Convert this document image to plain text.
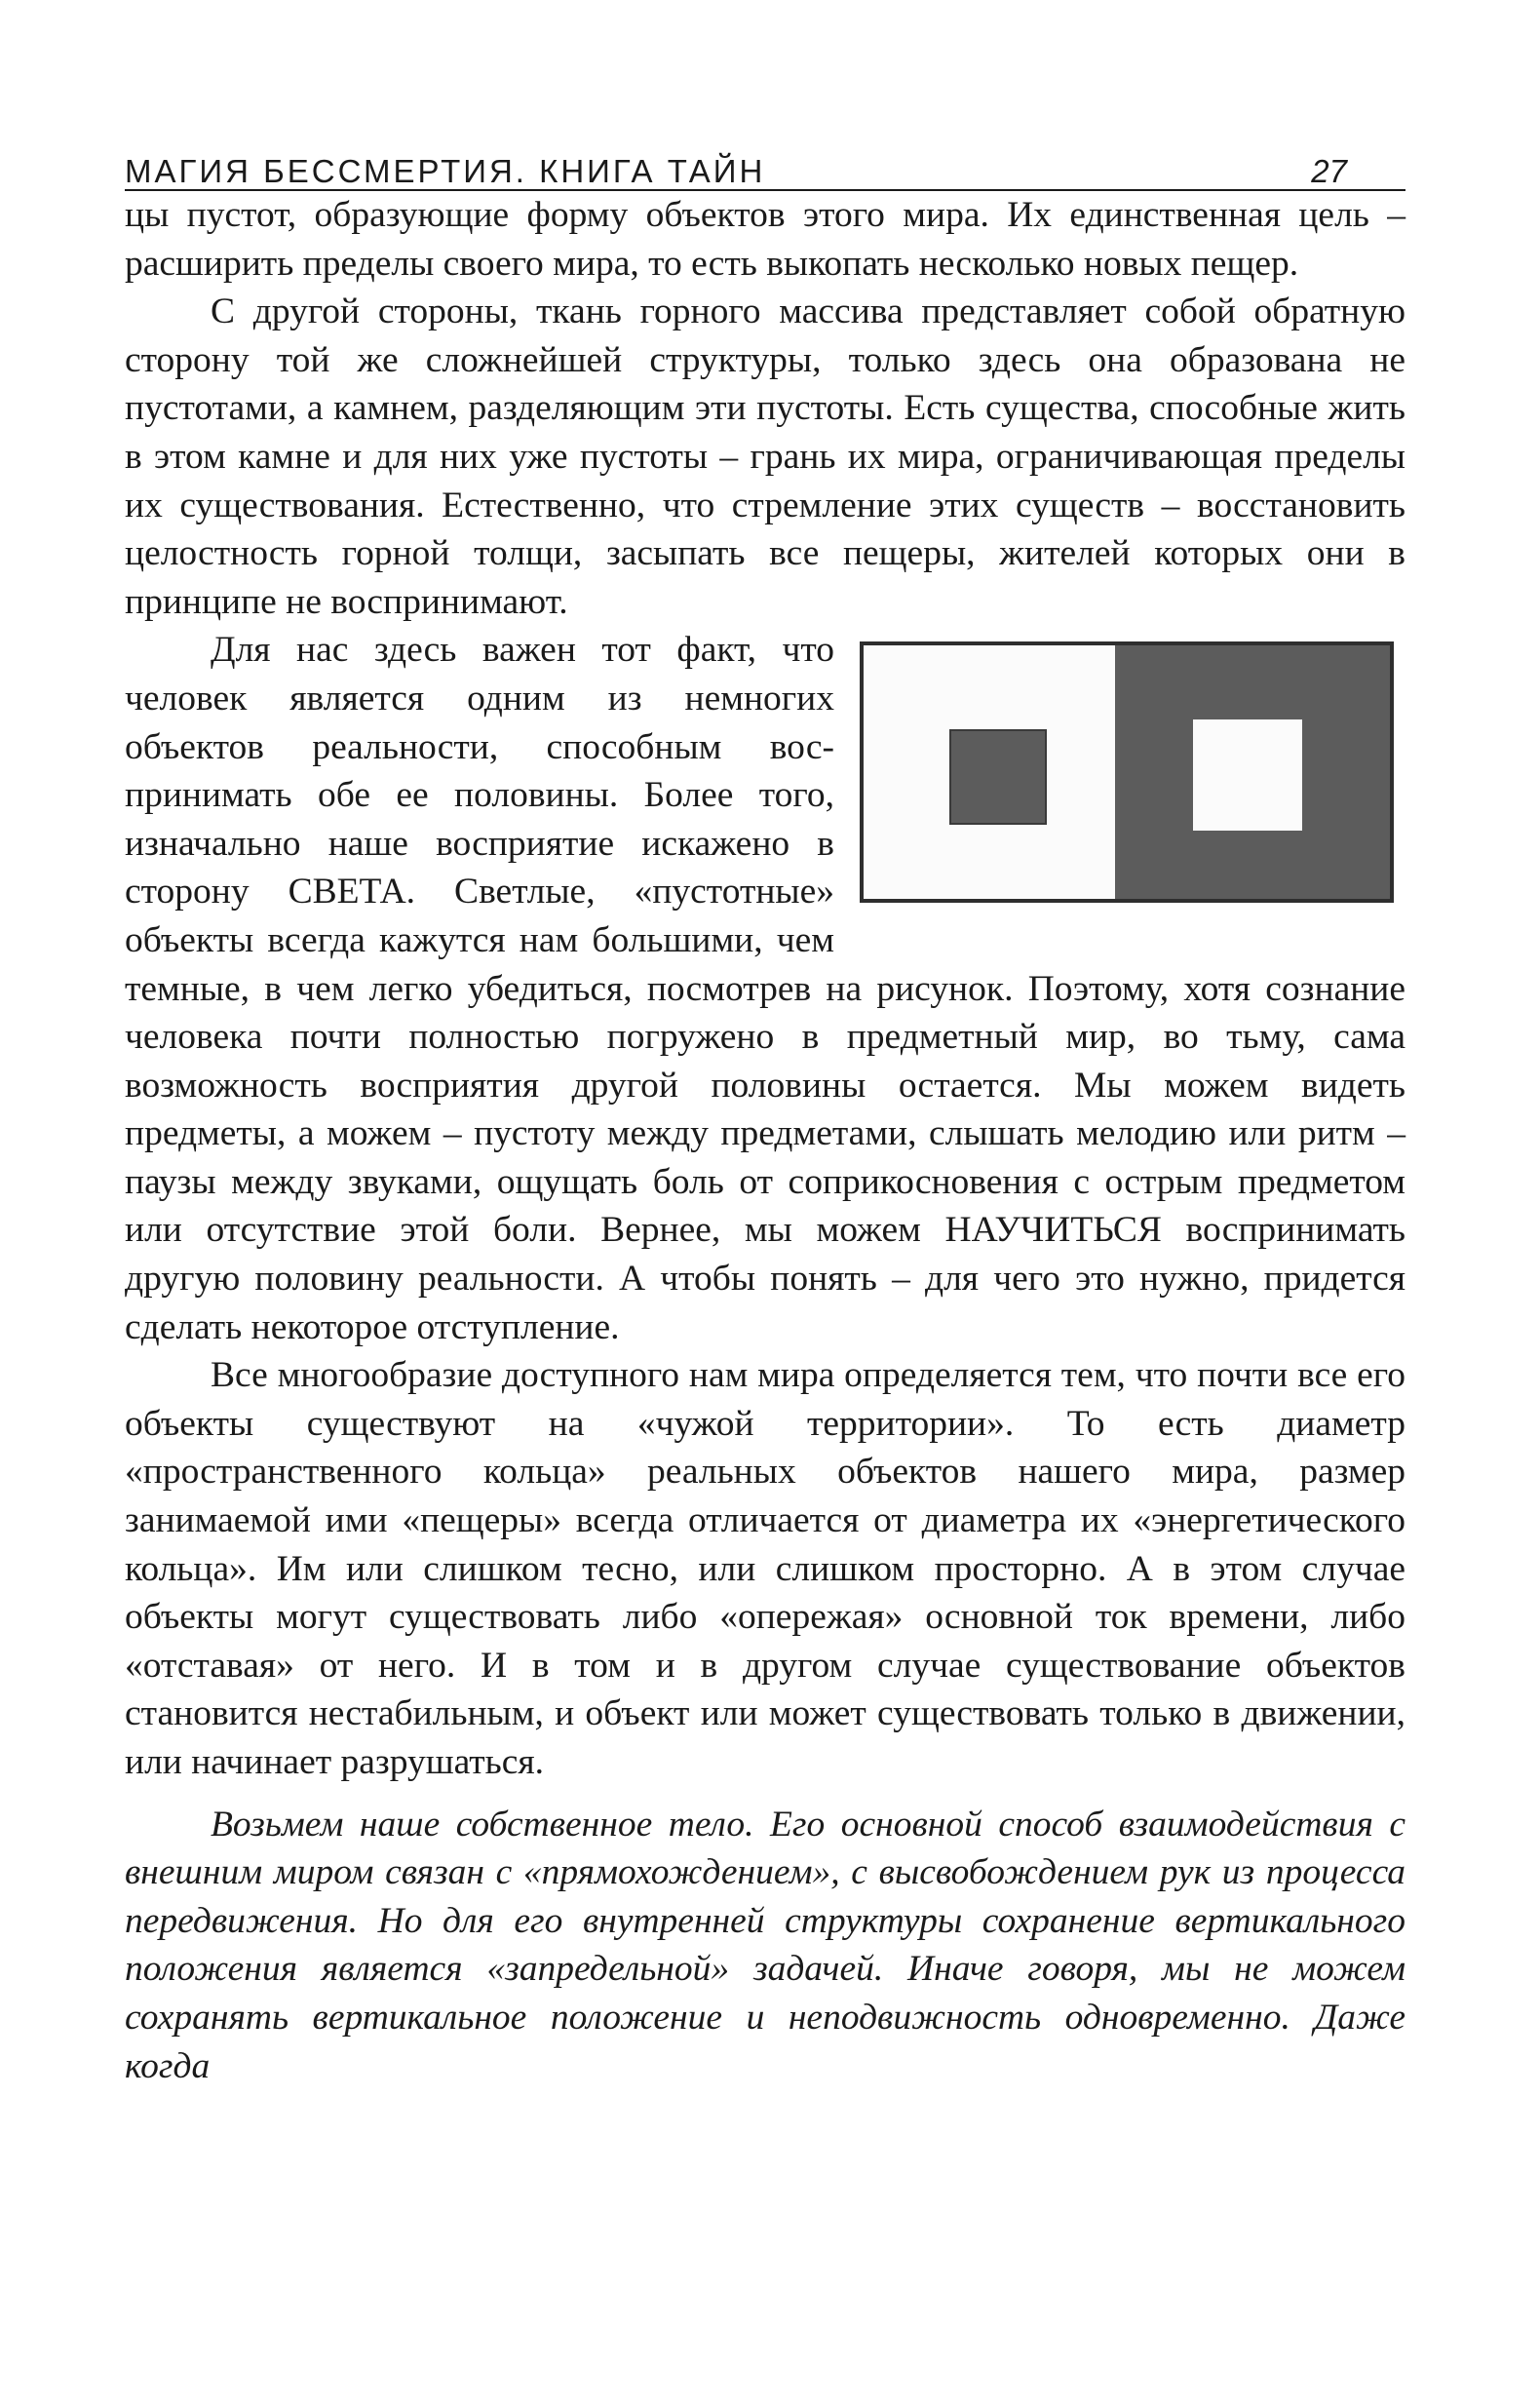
МАГИЯ БЕССМЕРТИЯ. КНИГА ТАЙН	27

цы пустот, образующие форму объектов этого мира. Их единственная цель – расширить пределы своего мира, то есть выкопать несколько новых пещер.

С другой стороны, ткань горного массива представляет собой обратную сторону той же сложнейшей структуры, только здесь она образована не пустотами, а камнем, разделяющим эти пустоты. Есть существа, способные жить в этом камне и для них уже пустоты – грань их мира, ограничивающая пределы их существования. Естественно, что стремление этих существ – восстановить целостность горной толщи, засыпать все пещеры, жителей которых они в принципе не воспринимают.

Для нас здесь важен тот факт, что человек является одним из немногих объектов реальности, способным воспринимать обе ее половины. Более того, изначально наше восприятие искажено в сторону СВЕТА. Светлые, «пустотные» объекты всегда кажутся нам большими, чем темные, в чем легко убедиться, посмотрев на рисунок. Поэтому, хотя сознание человека почти полностью погружено в предметный мир, во тьму, сама возможность восприятия другой половины остается. Мы можем видеть предметы, а можем – пустоту между предметами, слышать мелодию или ритм – паузы между звуками, ощущать боль от соприкосновения с острым предметом или отсутствие этой боли. Вернее, мы можем НАУЧИТЬСЯ воспринимать другую половину реальности. А чтобы понять – для чего это нужно, придется сделать некоторое отступление.

Все многообразие доступного нам мира определяется тем, что почти все его объекты существуют на «чужой территории». То есть диаметр «пространственного кольца» реальных объектов нашего мира, размер занимаемой ими «пещеры» всегда отличается от диаметра их «энергетического кольца». Им или слишком тесно, или слишком просторно. А в этом случае объекты могут существовать либо «опережая» основной ток времени, либо «отставая» от него. И в том и в другом случае существование объектов становится нестабильным, и объект или может существовать только в движении, или начинает разрушаться.

Возьмем наше собственное тело. Его основной способ взаимодействия с внешним миром связан с «прямохождением», с высвобождением рук из процесса передвижения. Но для его внутренней структуры сохранение вертикального положения является «запредельной» задачей. Иначе говоря, мы не можем сохранять вертикальное положение и неподвижность одновременно. Даже когда
